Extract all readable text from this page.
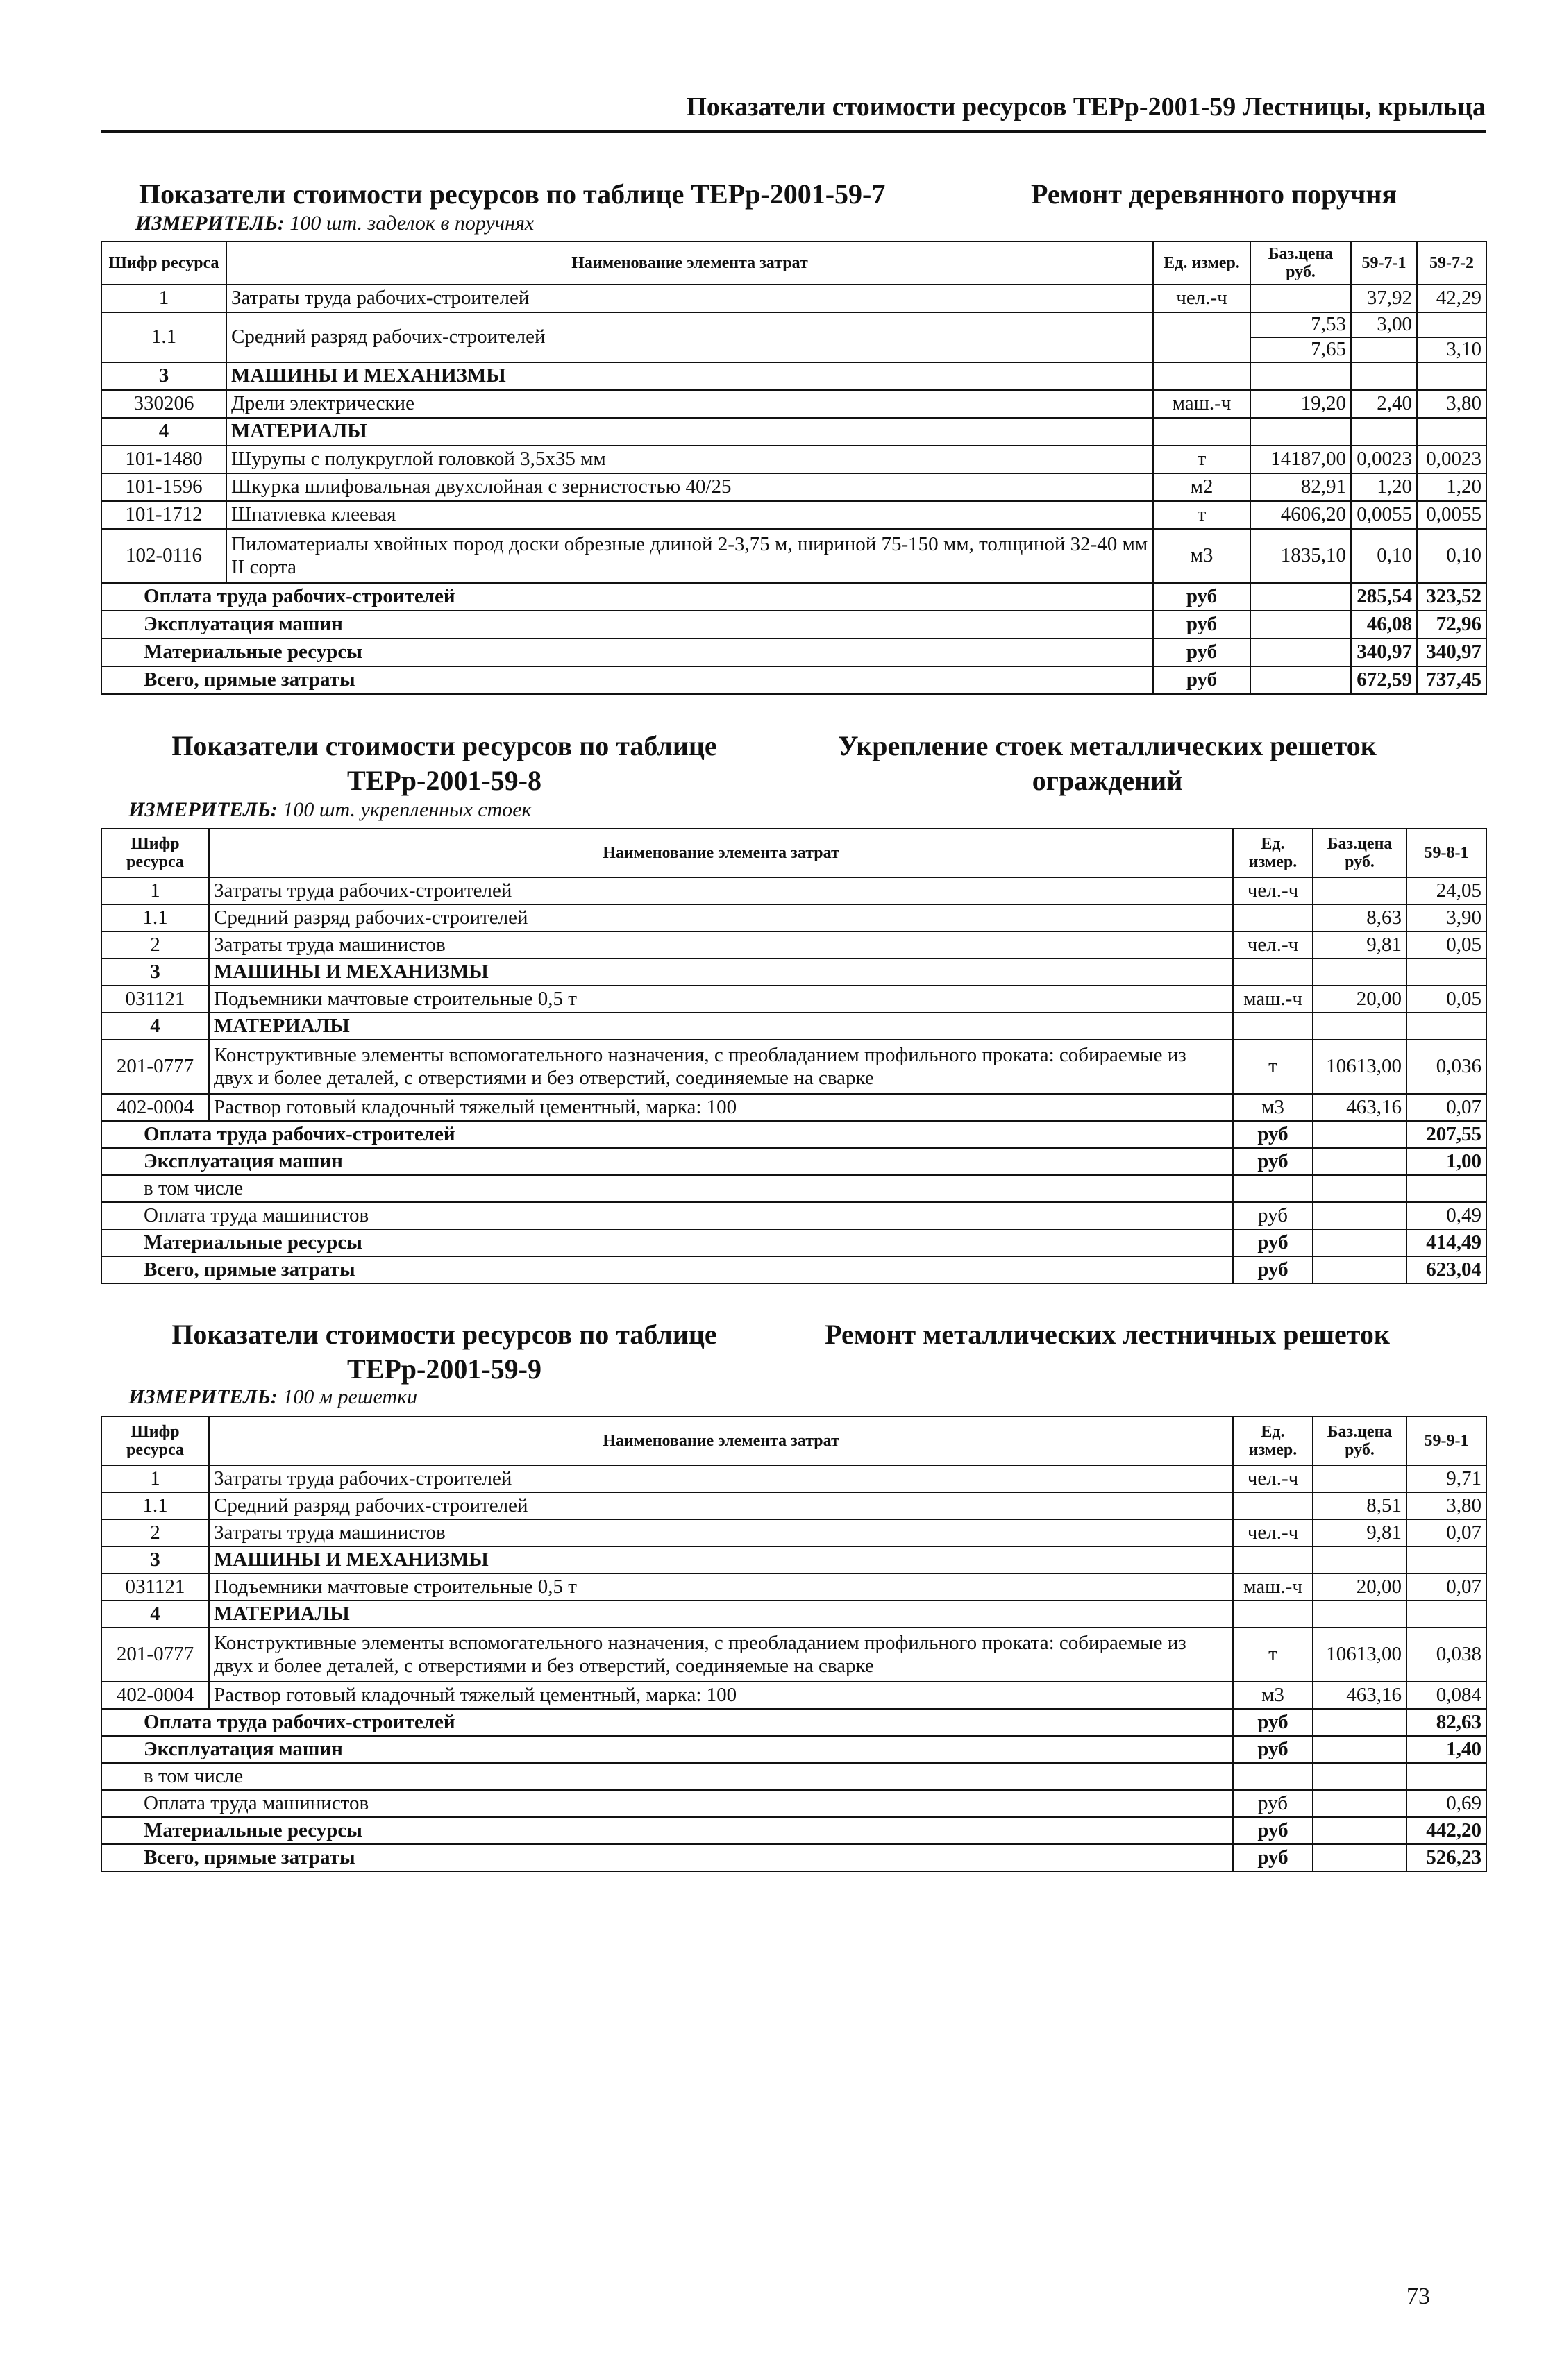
Показатели стоимости ресурсов ТЕРр-2001-59 Лестницы, крыльца
Показатели стоимости ресурсов по таблице ТЕРр-2001-59-7	Ремонт деревянного поручня
ИЗМЕРИТЕЛЬ: 100 шт. заделок в поручнях
Шифр ресурса	Наименование элемента затрат	Ед. измер.	Баз.цена руб.	59-7-1	59-7-2
1	Затраты труда рабочих-строителей	чел.-ч		37,92	42,29
1.1	Средний разряд рабочих-строителей		7,53	3,00	
			7,65		3,10
3	МАШИНЫ И МЕХАНИЗМЫ				
330206	Дрели электрические	маш.-ч	19,20	2,40	3,80
4	МАТЕРИАЛЫ				
101-1480	Шурупы с полукруглой головкой 3,5х35 мм	т	14187,00	0,0023	0,0023
101-1596	Шкурка шлифовальная двухслойная с зернистостью 40/25	м2	82,91	1,20	1,20
101-1712	Шпатлевка клеевая	т	4606,20	0,0055	0,0055
102-0116	Пиломатериалы хвойных пород доски обрезные длиной 2-3,75 м, шириной 75-150 мм, толщиной 32-40 мм II сорта	м3	1835,10	0,10	0,10
Оплата труда рабочих-строителей		руб		285,54	323,52
Эксплуатация машин		руб		46,08	72,96
Материальные ресурсы		руб		340,97	340,97
Всего, прямые затраты		руб		672,59	737,45
Показатели стоимости ресурсов по таблице
ТЕРр-2001-59-8
Укрепление стоек металлических решеток
ограждений
ИЗМЕРИТЕЛЬ: 100 шт. укрепленных стоек
Шифр ресурса	Наименование элемента затрат	Ед. измер.	Баз.цена руб.	59-8-1
1	Затраты труда рабочих-строителей	чел.-ч		24,05
1.1	Средний разряд рабочих-строителей		8,63	3,90
2	Затраты труда машинистов	чел.-ч	9,81	0,05
3	МАШИНЫ И МЕХАНИЗМЫ			
031121	Подъемники мачтовые строительные 0,5 т	маш.-ч	20,00	0,05
4	МАТЕРИАЛЫ			
201-0777	Конструктивные элементы вспомогательного назначения, с преобладанием профильного проката: собираемые из двух и более деталей, с отверстиями и без отверстий, соединяемые на сварке	т	10613,00	0,036
402-0004	Раствор готовый кладочный тяжелый цементный, марка: 100	м3	463,16	0,07
Оплата труда рабочих-строителей		руб		207,55
Эксплуатация машин		руб		1,00
в том числе				
Оплата труда машинистов		руб		0,49
Материальные ресурсы		руб		414,49
Всего, прямые затраты		руб		623,04
Показатели стоимости ресурсов по таблице
ТЕРр-2001-59-9
Ремонт металлических лестничных решеток
ИЗМЕРИТЕЛЬ: 100 м решетки
Шифр ресурса	Наименование элемента затрат	Ед. измер.	Баз.цена руб.	59-9-1
1	Затраты труда рабочих-строителей	чел.-ч		9,71
1.1	Средний разряд рабочих-строителей		8,51	3,80
2	Затраты труда машинистов	чел.-ч	9,81	0,07
3	МАШИНЫ И МЕХАНИЗМЫ			
031121	Подъемники мачтовые строительные 0,5 т	маш.-ч	20,00	0,07
4	МАТЕРИАЛЫ			
201-0777	Конструктивные элементы вспомогательного назначения, с преобладанием профильного проката: собираемые из двух и более деталей, с отверстиями и без отверстий, соединяемые на сварке	т	10613,00	0,038
402-0004	Раствор готовый кладочный тяжелый цементный, марка: 100	м3	463,16	0,084
Оплата труда рабочих-строителей		руб		82,63
Эксплуатация машин		руб		1,40
в том числе				
Оплата труда машинистов		руб		0,69
Материальные ресурсы		руб		442,20
Всего, прямые затраты		руб		526,23
73
